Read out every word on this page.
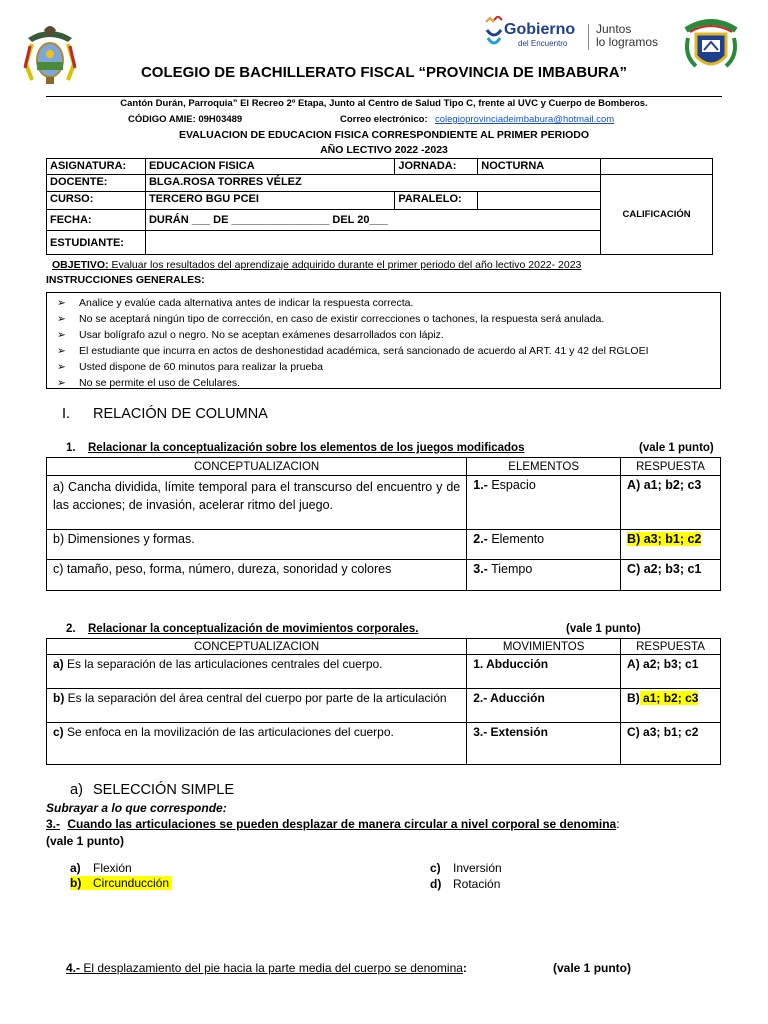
Gobierno
del Encuentro
Juntos
lo logramos
COLEGIO DE BACHILLERATO FISCAL “PROVINCIA DE IMBABURA”
Cantón Durán, Parroquia” El Recreo 2º Etapa, Junto al Centro de Salud Tipo C, frente al UVC y Cuerpo de Bomberos.
CÓDIGO AMIE: 09H03489	Correo electrónico: colegioprovinciadeimbabura@hotmail.com
EVALUACION DE EDUCACION FISICA CORRESPONDIENTE AL PRIMER PERIODO
AÑO LECTIVO 2022 -2023
ASIGNATURA:	EDUCACION FISICA	JORNADA:	NOCTURNA	
DOCENTE:	BLGA.ROSA TORRES VÉLEZ			CALIFICACIÓN
CURSO:	TERCERO BGU PCEI	PARALELO:		
FECHA:	DURÁN ___ DE ________________ DEL 20___			
ESTUDIANTE:				
OBJETIVO: Evaluar los resultados del aprendizaje adquirido durante el primer periodo del año lectivo 2022- 2023
INSTRUCCIONES GENERALES:
➢ Analice y evalúe cada alternativa antes de indicar la respuesta correcta.
➢ No se aceptará ningún tipo de corrección, en caso de existir correcciones o tachones, la respuesta será anulada.
➢ Usar bolígrafo azul o negro. No se aceptan exámenes desarrollados con lápiz.
➢ El estudiante que incurra en actos de deshonestidad académica, será sancionado de acuerdo al ART. 41 y 42 del RGLOEI
➢ Usted dispone de 60 minutos para realizar la prueba
➢ No se permite el uso de Celulares.
I. RELACIÓN DE COLUMNA
1. Relacionar la conceptualización sobre los elementos de los juegos modificados	(vale 1 punto)
CONCEPTUALIZACION	ELEMENTOS	RESPUESTA
a) Cancha dividida, límite temporal para el transcurso del encuentro y de las acciones; de invasión, acelerar ritmo del juego.	1.- Espacio	A) a1; b2; c3
b) Dimensiones y formas.	2.- Elemento	B) a3; b1; c2
c) tamaño, peso, forma, número, dureza, sonoridad y colores	3.- Tiempo	C) a2; b3; c1
2. Relacionar la conceptualización de movimientos corporales.	(vale 1 punto)
CONCEPTUALIZACION	MOVIMIENTOS	RESPUESTA
a) Es la separación de las articulaciones centrales del cuerpo.	1. Abducción	A) a2; b3; c1
b) Es la separación del área central del cuerpo por parte de la articulación	2.- Aducción	B) a1; b2; c3
c) Se enfoca en la movilización de las articulaciones del cuerpo.	3.- Extensión	C) a3; b1; c2
a) SELECCIÓN SIMPLE
Subrayar a lo que corresponde:
3.- Cuando las articulaciones se pueden desplazar de manera circular a nivel corporal se denomina:
(vale 1 punto)
a) Flexión
b) Circunducción
c) Inversión
d) Rotación
4.- El desplazamiento del pie hacia la parte media del cuerpo se denomina:	(vale 1 punto)
